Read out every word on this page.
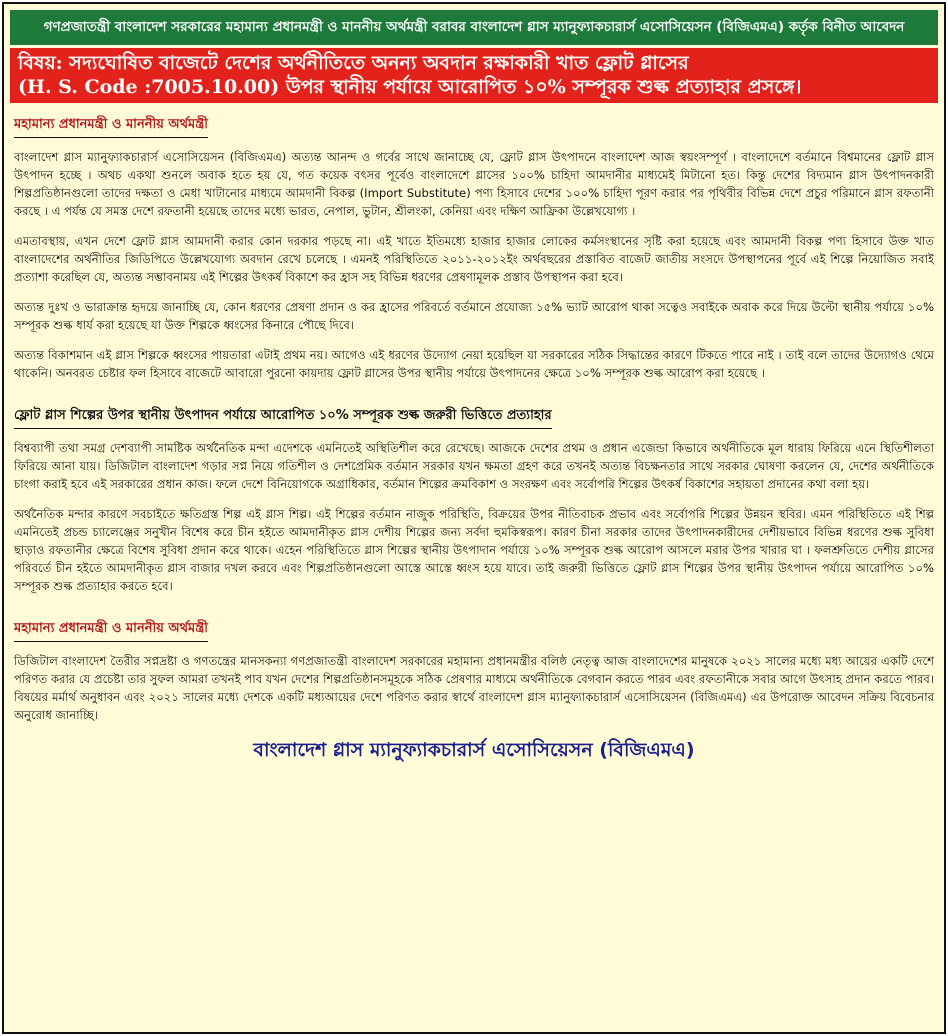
গণপ্রজাতন্ত্রী বাংলাদেশ সরকারের মহামান্য প্রধানমন্ত্রী ও মাননীয় অর্থমন্ত্রী বরাবর বাংলাদেশ গ্লাস ম্যানুফ্যাকচারার্স এসোসিয়েসন (বিজিএমএ) কর্তৃক বিনীত আবেদন
বিষয়: সদ্যঘোষিত বাজেটে দেশের অর্থনীতিতে অনন্য অবদান রক্ষাকারী খাত ফ্লোট গ্লাসের
(H. S. Code :7005.10.00) উপর স্থানীয় পর্যায়ে আরোপিত ১০% সম্পূরক শুল্ক প্রত্যাহার প্রসঙ্গে।
মহামান্য প্রধানমন্ত্রী ও মাননীয় অর্থমন্ত্রী

বাংলাদেশ গ্লাস ম্যানুফ্যাকচারার্স এসোসিয়েসন (বিজিএমএ) অত্যন্ত আনন্দ ও গর্বের সাথে জানাচ্ছে যে, ফ্লোট গ্লাস উৎপাদনে বাংলাদেশ আজ স্বয়ংসম্পূর্ণ । বাংলাদেশে বর্তমানে বিশ্বমানের ফ্লোট গ্লাস উৎপাদন হচ্ছে । অথচ একথা শুনলে অবাক হতে হয় যে, গত কয়েক বৎসর পূর্বেও বাংলাদেশে গ্লাসের ১০০% চাহিদা আমদানীর মাধ্যমেই মিটানো হত। কিন্তু দেশের বিদ্যমান গ্লাস উৎপাদনকারী শিল্পপ্রতিষ্ঠানগুলো তাদের দক্ষতা ও মেধা খাটানোর মাধ্যমে আমদানী বিকল্প (Import Substitute) পণ্য হিসাবে দেশের ১০০% চাহিদা পূরণ করার পর পৃথিবীর বিভিন্ন দেশে প্রচুর পরিমানে গ্লাস রফতানী করছে । এ পর্যন্ত যে সমস্ত দেশে রফতানী হয়েছে তাদের মধ্যে ভারত, নেপাল, ভুটান, শ্রীলংকা, কেনিয়া এবং দক্ষিণ আফ্রিকা উল্লেখযোগ্য ।

এমতাবস্থায়, এখন দেশে ফ্লোট গ্লাস আমদানী করার কোন দরকার পড়ছে না। এই খাতে ইতিমধ্যে হাজার হাজার লোকের কর্মসংস্থানের সৃষ্টি করা হয়েছে এবং আমদানী বিকল্প পণ্য হিসাবে উক্ত খাত বাংলাদেশের অর্থনীতির জিডিপিতে উল্লেখযোগ্য অবদান রেখে চলেছে । এমনই পরিস্থিতিতে ২০১১-২০১২ইং অর্থবছরের প্রস্তাবিত বাজেট জাতীয় সংসদে উপস্থাপনের পূর্বে এই শিল্পে নিয়োজিত সবাই প্রত্যাশা করেছিল যে, অত্যন্ত সম্ভাবনাময় এই শিল্পের উৎকর্ষ বিকাশে কর হ্রাস সহ বিভিন্ন ধরণের প্রেষণামূলক প্রস্তাব উপস্থাপন করা হবে।

অত্যন্ত দুঃখ ও ভারাক্রান্ত হৃদয়ে জানাচ্ছি যে, কোন ধরণের প্রেষণা প্রদান ও কর হ্রাসের পরিবর্তে বর্তমানে প্রযোজ্য ১৫% ভ্যাট আরোপ থাকা সত্বেও সবাইকে অবাক করে দিয়ে উল্টো স্থানীয় পর্যায়ে ১০% সম্পূরক শুল্ক ধার্য করা হয়েছে যা উক্ত শিল্পকে ধ্বংসের কিনারে পৌছে দিবে।

অত্যন্ত বিকাশমান এই গ্লাস শিল্পকে ধ্বংসের পায়তারা এটাই প্রথম নয়। আগেও এই ধরণের উদ্যোগ নেয়া হয়েছিল যা সরকারের সঠিক সিদ্ধান্তের কারণে টিকতে পারে নাই । তাই বলে তাদের উদ্যোগও থেমে থাকেনি। অনবরত চেষ্টার ফল হিসাবে বাজেটে আবারো পুরনো কায়দায় ফ্লোট গ্লাসের উপর স্থানীয় পর্যায়ে উৎপাদনের ক্ষেত্রে ১০% সম্পূরক শুল্ক আরোপ করা হয়েছে ।

ফ্লোট গ্লাস শিল্পের উপর স্থানীয় উৎপাদন পর্যায়ে আরোপিত ১০% সম্পূরক শুল্ক জরুরী ভিত্তিতে প্রত্যাহার

বিশ্বব্যাপী তথা সমগ্র দেশব্যাপী সামষ্টিক অর্থনৈতিক মন্দা এদেশকে এমনিতেই অস্থিতিশীল করে রেখেছে। আজকে দেশের প্রথম ও প্রধান এজেন্ডা কিভাবে অর্থনীতিকে মূল ধারায় ফিরিয়ে এনে স্থিতিশীলতা ফিরিয়ে আনা যায়। ডিজিটাল বাংলাদেশ গড়ার সপ্ন নিয়ে গতিশীল ও দেশপ্রেমিক বর্তমান সরকার যখন ক্ষমতা গ্রহণ করে তখনই অত্যন্ত বিচক্ষনতার সাথে সরকার ঘোষণা করলেন যে, দেশের অর্থনীতিকে চাংগা করাই হবে এই সরকারের প্রধান কাজ। ফলে দেশে বিনিয়োগকে অগ্রাধিকার, বর্তমান শিল্পের ক্রমবিকাশ ও সংরক্ষণ এবং সর্বোপরি শিল্পের উৎকর্ষ বিকাশের সহায়তা প্রদানের কথা বলা হয়।

অর্থনৈতিক মন্দার কারণে সবচাইতে ক্ষতিগ্রস্ত শিল্প এই গ্লাস শিল্প। এই শিল্পের বর্তমান নাজুক পরিস্থিতি, বিক্রয়ের উপর নীতিবাচক প্রভাব এবং সর্বোপরি শিল্পের উন্নয়ন স্থবির। এমন পরিস্থিতিতে এই শিল্প এমনিতেই প্রচন্ড চ্যালেঞ্জের সনুখীন বিশেষ করে চীন হইতে আমদানীকৃত গ্লাস দেশীয় শিল্পের জন্য সর্বদা হুমকিস্বরূপ। কারণ চীনা সরকার তাদের উৎপাদনকারীদের দেশীয়ভাবে বিভিন্ন ধরণের শুল্ক সুবিধা ছাড়াও রফতানীর ক্ষেত্রে বিশেষ সুবিধা প্রদান করে থাকে। এহেন পরিস্থিতিতে গ্লাস শিল্পের স্থানীয় উৎপাদান পর্যায়ে ১০% সম্পূরক শুল্ক আরোপ আসলে মরার উপর খারার ঘা । ফলশ্রুতিতে দেশীয় গ্লাসের পরিবর্তে চীন হইতে আমদানীকৃত গ্লাস বাজার দখল করবে এবং শিল্পপ্রতিষ্ঠানগুলো আস্তে আস্তে ধ্বংস হয়ে যাবে। তাই জরুরী ভিত্তিতে ফ্লোট গ্লাস শিল্পের উপর স্থানীয় উৎপাদন পর্যায়ে আরোপিত ১০% সম্পূরক শুল্ক প্রত্যাহার করতে হবে।

মহামান্য প্রধানমন্ত্রী ও মাননীয় অর্থমন্ত্রী

ডিজিটাল বাংলাদেশ তৈরীর সপ্নদ্রষ্টা ও গণতন্ত্রের মানসকন্যা গণপ্রজাতন্ত্রী বাংলাদেশ সরকারের মহামান্য প্রধানমন্ত্রীর বলিষ্ঠ নেতৃত্ব আজ বাংলাদেশের মানুষকে ২০২১ সালের মধ্যে মধ্য আয়ের একটি দেশে পরিণত করার যে প্রচেষ্টা তার সুফল আমরা তখনই পাব যখন দেশের শিল্পপ্রতিষ্ঠানসমূহকে সঠিক প্রেষণার মাধ্যমে অর্থনীতিকে বেগবান করতে পারব এবং রফতানীকে সবার আগে উৎসাহ প্রদান করতে পারব। বিষয়ের মর্মার্থ অনুধাবন এবং ২০২১ সালের মধ্যে দেশকে একটি মধ্যআয়ের দেশে পরিণত করার স্বার্থে বাংলাদেশ গ্লাস ম্যানুফ্যাকচারার্স এসোসিয়েসন (বিজিএমএ) এর উপরোক্ত আবেদন সক্রিয় বিবেচনার অনুরোধ জানাচ্ছি।

বাংলাদেশ গ্লাস ম্যানুফ্যাকচারার্স এসোসিয়েসন (বিজিএমএ)
